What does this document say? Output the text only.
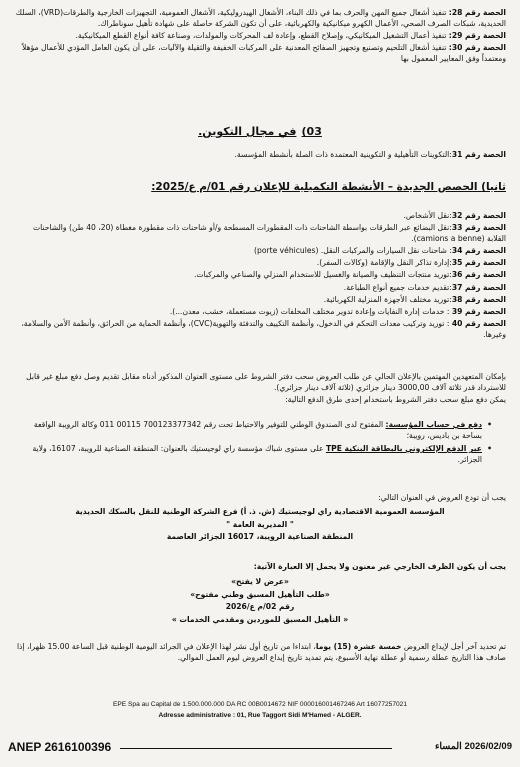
الحصة رقم 28: تنفيذ أشغال جميع المهن والحرف بما في ذلك البناء، الأشغال الهيدروليكية، الأشغال العمومية، التجهيزات الخارجية والطرقات(VRD)، السلك الحديدية، شبكات الصرف الصحي، الأعمال الكهرو ميكانيكية والكهربائية، على أن تكون الشركة حاصلة على شهادة تأهيل سوناطراك.
الحصة رقم 29: تنفيذ أعمال التشغيل الميكانيكي، وإصلاح القطع، وإعادة لف المحركات والمولدات، وصناعة كافة أنواع القطع الميكانيكية.
الحصة رقم 30: تنفيذ أشغال التلحيم وتصنيع وتجهيز الصفائح المعدنية على المركبات الخفيفة والثقيلة والآليات، على أن يكون العامل المؤدي للأعمال مؤهلاً ومعتمداً وفق المعايير المعمول بها
03) في مجال التكوين.
الحصة رقم 31:التكوينات التأهيلية و التكوينية المعتمدة ذات الصلة بأنشطة المؤسسة.
ثانيا) الحصص الجديدة – الأنشطة التكميلية للإعلان رقم 01/م ع/2025:
الحصة رقم 32:نقل الأشخاص.
الحصة رقم 33:نقل البضائع عبر الطرقات بواسطة الشاحنات ذات المقطورات المسطحة و/أو شاحنات ذات مقطورة مغطاة (20، 40 طن) والشاحنات القلابة (camions a benne).
الحصة رقم 34: شاحنات نقل السيارات والمركبات النقل. (porte véhicules)
الحصة رقم 35:إدارة تذاكر النقل والإقامة (وكالات السفر).
الحصة رقم 36:توريد منتجات التنظيف والصيانة والغسيل للاستخدام المنزلي والصناعي والمركبات.
الحصة رقم 37:تقديم خدمات جميع أنواع الطباعة.
الحصة رقم 38:توريد مختلف الأجهزة المنزلية الكهربائية.
الحصة رقم 39 : خدمات إدارة النفايات وإعادة تدوير مختلف المخلفات (زيوت مستعملة، خشب، معدن...).
الحصة رقم 40 : توريد وتركيب معدات التحكم في الدخول، وأنظمة التكييف والتدفئة والتهوية(CVC)، وأنظمة الحماية من الحرائق، وأنظمة الأمن والسلامة، وغيرها.
بإمكان المتعهدين المهتمين بالإعلان الحالي عن طلب العروض سحب دفتر الشروط على مستوى العنوان المذكور أدناه مقابل تقديم وصل دفع مبلغ غير قابل للاسترداد قدر ثلاثة آلاف 3000,00 دينار جزائري (ثلاثة آلاف دينار جزائري).
يمكن دفع مبلغ سحب دفتر الشروط باستخدام إحدى طرق الدفع التالية:
• دفع في حساب المؤسسة: المفتوح لدى الصندوق الوطني للتوفير والاحتياط تحت رقم 700123377342 00115 011 وكالة الرويبة الواقعة بساحة بن باديس، رويبة؛
• عبر الدفع الإلكتروني بالبطاقة البنكية TPE على مستوى شباك مؤسسة راي لوجيستيك بالعنوان: المنطقة الصناعية للرويبة، 16107، ولاية الجزائر.
يجب أن تودع العروض في العنوان التالي:
المؤسسة العمومية الاقتصادية راي لوجيستيك (ش. ذ. أ) فرع الشركة الوطنية للنقل بالسكك الحديدية
" المديرية العامة "
المنطقة الصناعية الرويبة، 16017 الجزائر العاصمة
يجب أن يكون الظرف الخارجي غير معنون ولا يحمل إلا العبارة الآتية:
«عرض لا يفتح»
«طلب التأهيل المسبق وطني مفتوح»
رقم 02/م ع/2026
« التأهيل المسبق للموردين ومقدمي الخدمات »
تم تحديد آخر أجل لإيداع العروض خمسة عشرة (15) يوما، ابتداءا من تاريخ أول نشر لهذا الإعلان في الجرائد اليومية الوطنية قبل الساعة 15.00 ظهرا، إذا صادف هذا التاريخ عطلة رسمية أو عطلة نهاية الأسبوع، يتم تمديد تاريخ إيداع العروض ليوم العمل الموالي.
EPE Spa au Capital de 1.500.000.000 DA RC 00B0014672 NIF 000016001467246 Art 16077257021
Adresse administrative : 01, Rue Taggort Sidi M'Hamed - ALGER.
ANEP 2616100396	2026/02/09 المساء
